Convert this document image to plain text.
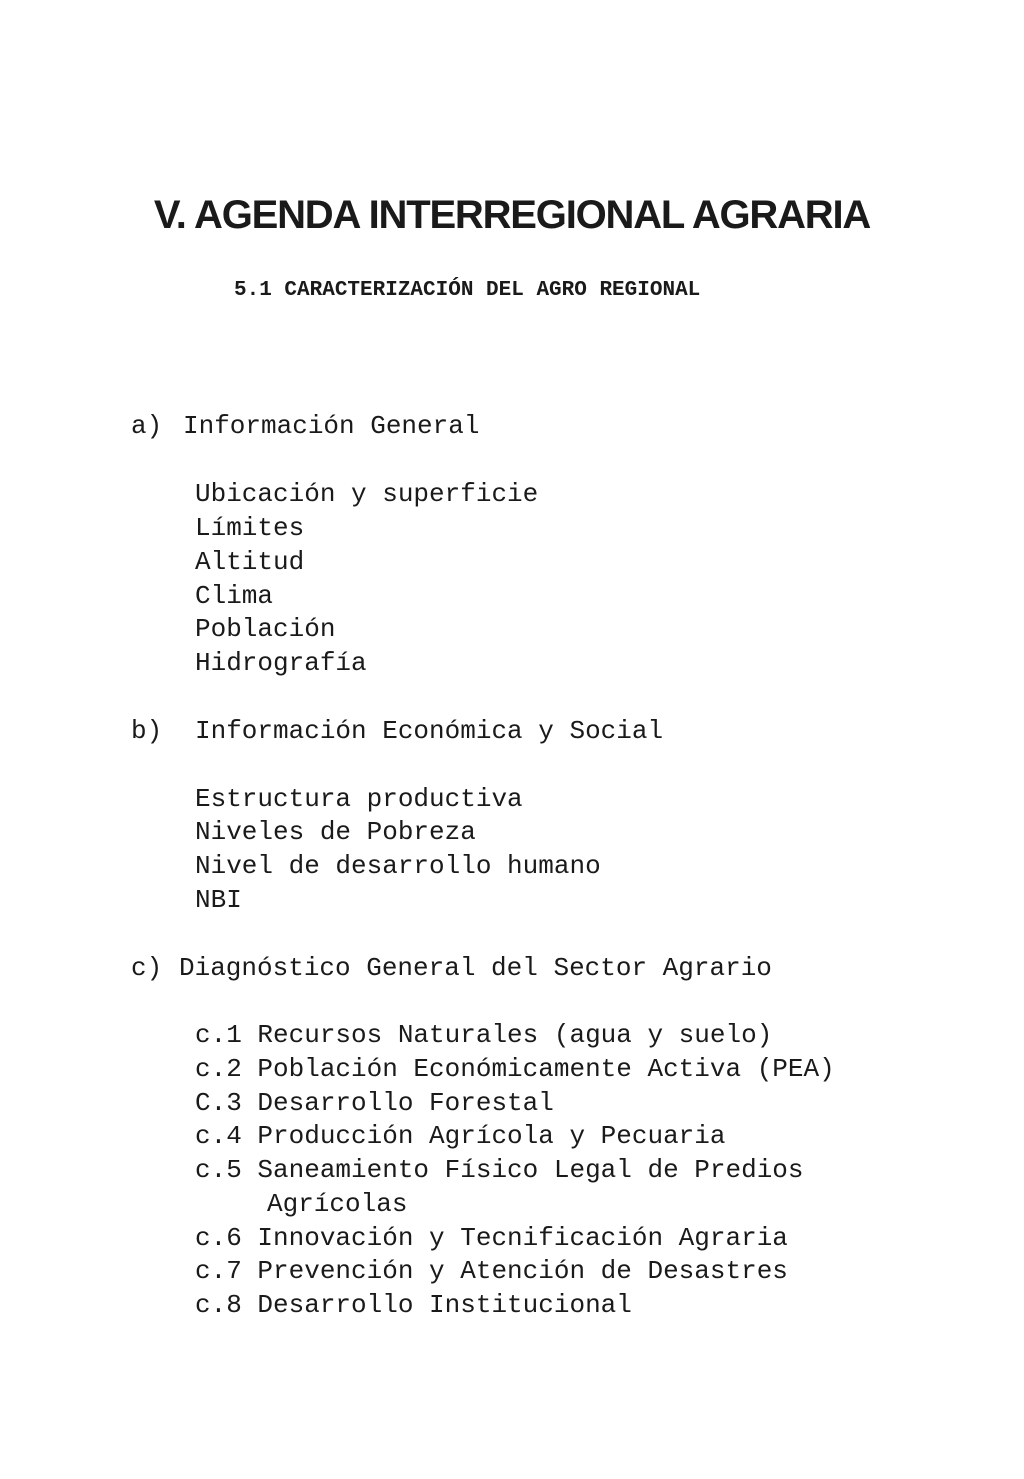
V. AGENDA INTERREGIONAL AGRARIA
5.1 CARACTERIZACIÓN DEL AGRO REGIONAL

a) Información General

Ubicación y superficie

Límites

Altitud

Clima

Población

Hidrografía

b) Información Económica y Social

Estructura productiva

Niveles de Pobreza

Nivel de desarrollo humano

NBI

c) Diagnóstico General del Sector Agrario

c.1 Recursos Naturales (agua y suelo)

c.2 Población Económicamente Activa (PEA)

C.3 Desarrollo Forestal

c.4 Producción Agrícola y Pecuaria

c.5 Saneamiento Físico Legal de Predios

Agrícolas

c.6 Innovación y Tecnificación Agraria

c.7 Prevención y Atención de Desastres

c.8 Desarrollo Institucional
